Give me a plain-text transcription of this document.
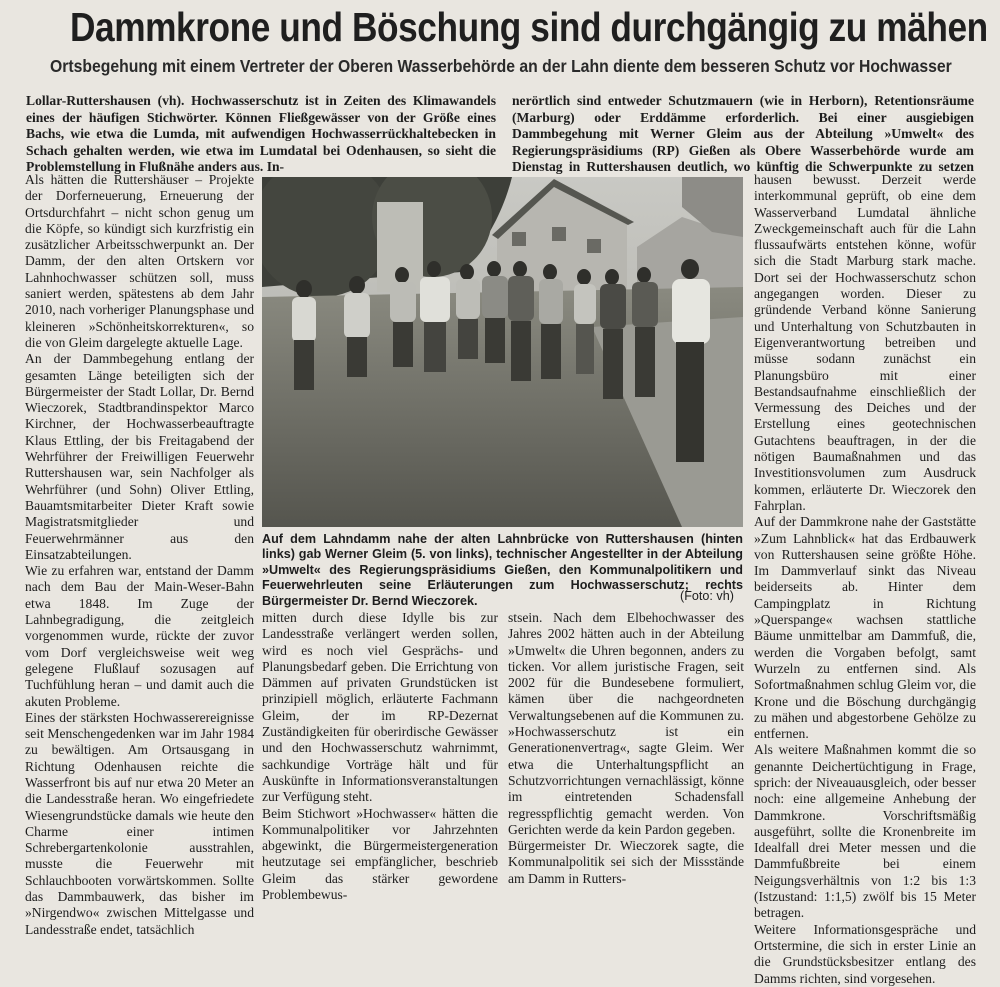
Dammkrone und Böschung sind durchgängig zu mähen
Ortsbegehung mit einem Vertreter der Oberen Wasserbehörde an der Lahn diente dem besseren Schutz vor Hochwasser

Lollar-Ruttershausen (vh). Hochwasserschutz ist in Zeiten des Klimawandels eines der häufigen Stichwörter. Können Fließgewässer von der Größe eines Bachs, wie etwa die Lumda, mit aufwendigen Hochwasserrückhaltebecken in Schach gehalten werden, wie etwa im Lumdatal bei Odenhausen, so sieht die Problemstellung in Flußnähe anders aus. In-

nerörtlich sind entweder Schutzmauern (wie in Herborn), Retentionsräume (Marburg) oder Erddämme erforderlich. Bei einer ausgiebigen Dammbegehung mit Werner Gleim aus der Abteilung »Umwelt« des Regierungspräsidiums (RP) Gießen als Obere Wasserbehörde wurde am Dienstag in Ruttershausen deutlich, wo künftig die Schwerpunkte zu setzen

Als hätten die Ruttershäuser – Projekte der Dorferneuerung, Erneuerung der Ortsdurchfahrt – nicht schon genug um die Köpfe, so kündigt sich kurzfristig ein zusätzlicher Arbeitsschwerpunkt an. Der Damm, der den alten Ortskern vor Lahnhochwasser schützen soll, muss saniert werden, spätestens ab dem Jahr 2010, nach vorheriger Planungsphase und kleineren »Schönheitskorrekturen«, so die von Gleim dargelegte aktuelle Lage.
An der Dammbegehung entlang der gesamten Länge beteiligten sich der Bürgermeister der Stadt Lollar, Dr. Bernd Wieczorek, Stadtbrandinspektor Marco Kirchner, der Hochwasserbeauftragte Klaus Ettling, der bis Freitagabend der Wehrführer der Freiwilligen Feuerwehr Ruttershausen war, sein Nachfolger als Wehrführer (und Sohn) Oliver Ettling, Bauamtsmitarbeiter Dieter Kraft sowie Magistratsmitglieder und Feuerwehrmänner aus den Einsatzabteilungen.
Wie zu erfahren war, entstand der Damm nach dem Bau der Main-Weser-Bahn etwa 1848. Im Zuge der Lahnbegradigung, die zeitgleich vorgenommen wurde, rückte der zuvor vom Dorf vergleichsweise weit weg gelegene Flußlauf sozusagen auf Tuchfühlung heran – und damit auch die akuten Probleme.
Eines der stärksten Hochwasserereignisse seit Menschengedenken war im Jahr 1984 zu bewältigen. Am Ortsausgang in Richtung Odenhausen reichte die Wasserfront bis auf nur etwa 20 Meter an die Landesstraße heran. Wo eingefriedete Wiesengrundstücke damals wie heute den Charme einer intimen Schrebergartenkolonie ausstrahlen, musste die Feuerwehr mit Schlauchbooten vorwärtskommen. Sollte das Dammbauwerk, das bisher im »Nirgendwo« zwischen Mittelgasse und Landesstraße endet, tatsächlich

Auf dem Lahndamm nahe der alten Lahnbrücke von Ruttershausen (hinten links) gab Werner Gleim (5. von links), technischer Angestellter in der Abteilung »Umwelt« des Regierungspräsidiums Gießen, den Kommunalpolitikern und Feuerwehrleuten seine Erläuterungen zum Hochwasserschutz; rechts Bürgermeister Dr. Bernd Wieczorek.	(Foto: vh)

mitten durch diese Idylle bis zur Landesstraße verlängert werden sollen, wird es noch viel Gesprächs- und Planungsbedarf geben. Die Errichtung von Dämmen auf privaten Grundstücken ist prinzipiell möglich, erläuterte Fachmann Gleim, der im RP-Dezernat Zuständigkeiten für oberirdische Gewässer und den Hochwasserschutz wahrnimmt, sachkundige Vorträge hält und für Auskünfte in Informationsveranstaltungen zur Verfügung steht.
Beim Stichwort »Hochwasser« hätten die Kommunalpolitiker vor Jahrzehnten abgewinkt, die Bürgermeistergeneration heutzutage sei empfänglicher, beschrieb Gleim das stärker gewordene Problembewus-

stsein. Nach dem Elbehochwasser des Jahres 2002 hätten auch in der Abteilung »Umwelt« die Uhren begonnen, anders zu ticken. Vor allem juristische Fragen, seit 2002 für die Bundesebene formuliert, kämen über die nachgeordneten Verwaltungsebenen auf die Kommunen zu. »Hochwasserschutz ist ein Generationenvertrag«, sagte Gleim. Wer etwa die Unterhaltungspflicht an Schutzvorrichtungen vernachlässigt, könne im eintretenden Schadensfall regresspflichtig gemacht werden. Von Gerichten werde da kein Pardon gegeben.
Bürgermeister Dr. Wieczorek sagte, die Kommunalpolitik sei sich der Missstände am Damm in Rutters-

hausen bewusst. Derzeit werde interkommunal geprüft, ob eine dem Wasserverband Lumdatal ähnliche Zweckgemeinschaft auch für die Lahn flussaufwärts entstehen könne, wofür sich die Stadt Marburg stark mache. Dort sei der Hochwasserschutz schon angegangen worden. Dieser zu gründende Verband könne Sanierung und Unterhaltung von Schutzbauten in Eigenverantwortung betreiben und müsse sodann zunächst ein Planungsbüro mit einer Bestandsaufnahme einschließlich der Vermessung des Deiches und der Erstellung eines geotechnischen Gutachtens beauftragen, in der die nötigen Baumaßnahmen und das Investitionsvolumen zum Ausdruck kommen, erläuterte Dr. Wieczorek den Fahrplan.
Auf der Dammkrone nahe der Gaststätte »Zum Lahnblick« hat das Erdbauwerk von Ruttershausen seine größte Höhe. Im Dammverlauf sinkt das Niveau beiderseits ab. Hinter dem Campingplatz in Richtung »Querspange« wachsen stattliche Bäume unmittelbar am Dammfuß, die, werden die Vorgaben befolgt, samt Wurzeln zu entfernen sind. Als Sofortmaßnahmen schlug Gleim vor, die Krone und die Böschung durchgängig zu mähen und abgestorbene Gehölze zu entfernen.
Als weitere Maßnahmen kommt die so genannte Deichertüchtigung in Frage, sprich: der Niveauausgleich, oder besser noch: eine allgemeine Anhebung der Dammkrone. Vorschriftsmäßig ausgeführt, sollte die Kronenbreite im Idealfall drei Meter messen und die Dammfußbreite bei einem Neigungsverhältnis von 1:2 bis 1:3 (Istzustand: 1:1,5) zwölf bis 15 Meter betragen.
Weitere Informationsgespräche und Ortstermine, die sich in erster Linie an die Grundstücksbesitzer entlang des Damms richten, sind vorgesehen.
